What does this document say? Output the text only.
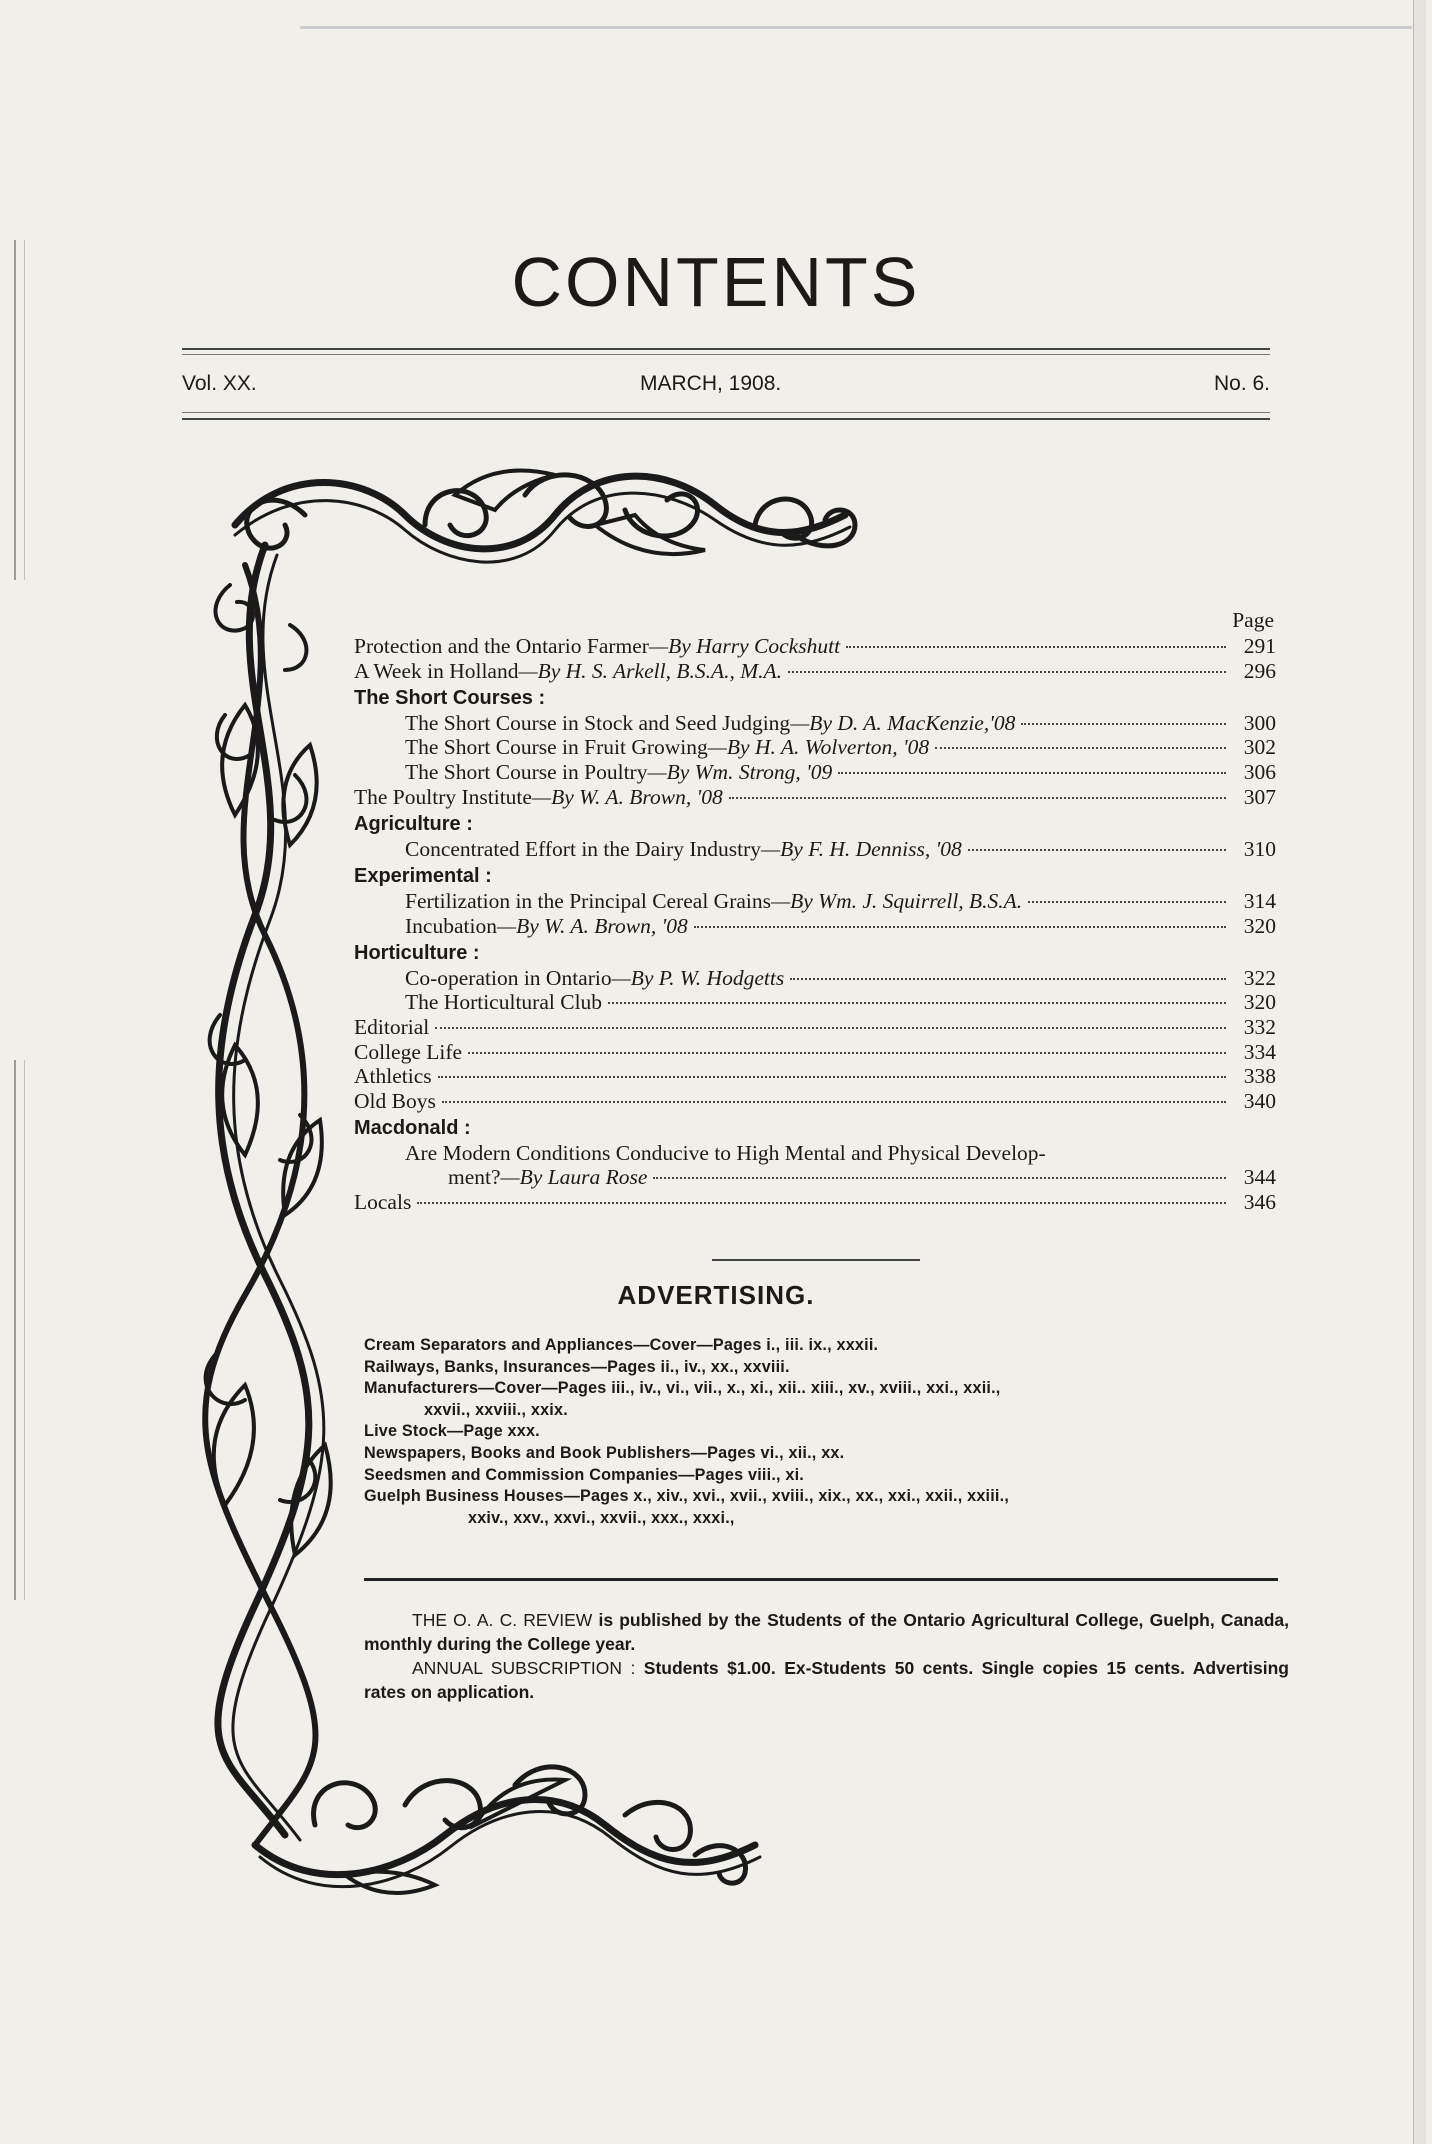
CONTENTS
Vol. XX.	MARCH, 1908.	No. 6.
Page
Protection and the Ontario Farmer —By Harry Cockshutt	291
A Week in Holland —By H. S. Arkell, B.S.A., M.A.	296
The Short Courses :
The Short Course in Stock and Seed Judging —By D. A. MacKenzie,'08	300
The Short Course in Fruit Growing —By H. A. Wolverton, '08	302
The Short Course in Poultry —By Wm. Strong, '09	306
The Poultry Institute —By W. A. Brown, '08	307
Agriculture :
Concentrated Effort in the Dairy Industry —By F. H. Denniss, '08	310
Experimental :
Fertilization in the Principal Cereal Grains —By Wm. J. Squirrell, B.S.A.	314
Incubation —By W. A. Brown, '08	320
Horticulture :
Co-operation in Ontario —By P. W. Hodgetts	322
The Horticultural Club	320
Editorial	332
College Life	334
Athletics	338
Old Boys	340
Macdonald :
Are Modern Conditions Conducive to High Mental and Physical Develop-
ment? —By Laura Rose	344
Locals	346
ADVERTISING.
Cream Separators and Appliances—Cover—Pages i., iii. ix., xxxii.
Railways, Banks, Insurances—Pages ii., iv., xx., xxviii.
Manufacturers—Cover—Pages iii., iv., vi., vii., x., xi., xii.. xiii., xv., xviii., xxi., xxii.,
xxvii., xxviii., xxix.
Live Stock—Page xxx.
Newspapers, Books and Book Publishers—Pages vi., xii., xx.
Seedsmen and Commission Companies—Pages viii., xi.
Guelph Business Houses—Pages x., xiv., xvi., xvii., xviii., xix., xx., xxi., xxii., xxiii.,
xxiv., xxv., xxvi., xxvii., xxx., xxxi.,

THE O. A. C. REVIEW is published by the Students of the Ontario Agricultural College, Guelph, Canada, monthly during the College year.

ANNUAL SUBSCRIPTION : Students $1.00. Ex-Students 50 cents. Single copies 15 cents. Advertising rates on application.
